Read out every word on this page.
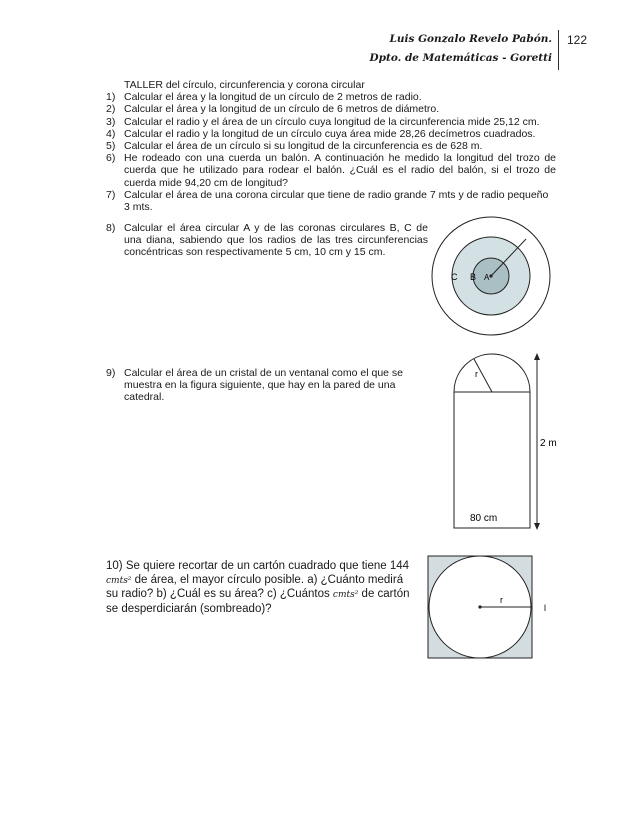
Luis Gonzalo Revelo Pabón.
Dpto. de Matemáticas - Goretti
122

TALLER del círculo, circunferencia y corona circular

1) Calcular el área y la longitud de un círculo de 2 metros de radio.

2) Calcular el área y la longitud de un círculo de 6 metros de diámetro.

3) Calcular el radio y el área de un círculo cuya longitud de la circunferencia mide 25,12 cm.

4) Calcular el radio y la longitud de un círculo cuya área mide 28,26 decímetros cuadrados.

5) Calcular el área de un círculo si su longitud de la circunferencia es de 628 m.

6) He rodeado con una cuerda un balón. A continuación he medido la longitud del trozo de cuerda que he utilizado para rodear el balón. ¿Cuál es el radio del balón, si el trozo de cuerda mide 94,20 cm de longitud?

7) Calcular el área de una corona circular que tiene de radio grande 7 mts y de radio pequeño 3 mts.

8) Calcular el área circular A y de las coronas circulares B, C de una diana, sabiendo que los radios de las tres circunferencias concéntricas son respectivamente 5 cm, 10 cm y 15 cm.

C B A

9) Calcular el área de un cristal de un ventanal como el que se muestra en la figura siguiente, que hay en la pared de una catedral.

r
2 m
80 cm

10) Se quiere recortar de un cartón cuadrado que tiene 144 cmts² de área, el mayor círculo posible. a) ¿Cuánto medirá su radio? b) ¿Cuál es su área? c) ¿Cuántos cmts² de cartón se desperdiciarán (sombreado)?

r
l
